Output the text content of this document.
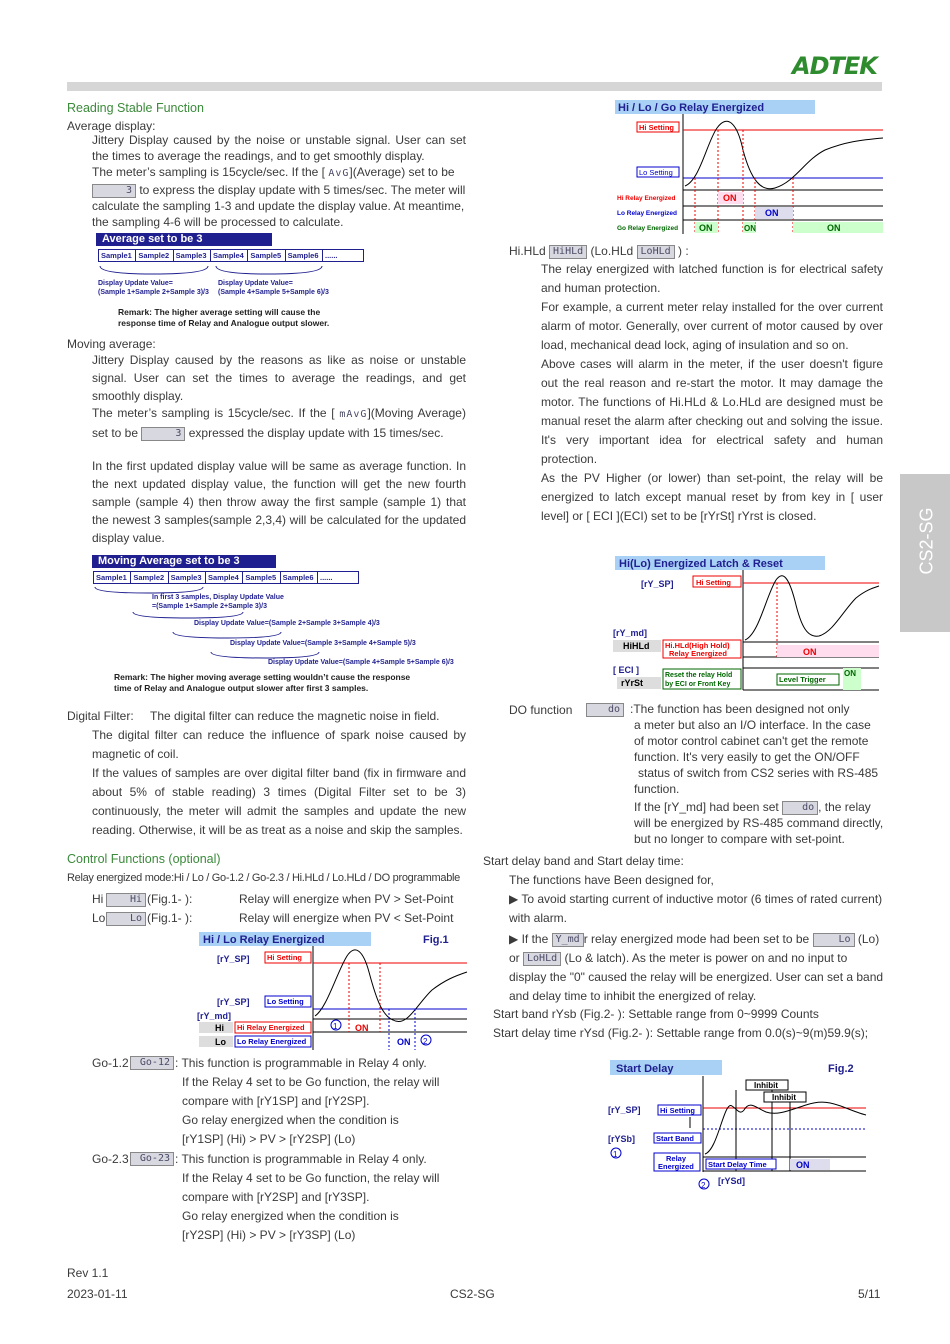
ADTEK
CS2-SG
Reading Stable Function
Average display:
Jittery Display caused by the noise or unstable signal. User can set the times to average the readings, and to get smoothly display.
The meter’s sampling is 15cycle/sec. If the [ AvG](Average) set to be
3 to express the display update with 5 times/sec. The meter will calculate the sampling 1-3 and update the display value. At meantime, the sampling 4-6 will be processed to calculate.
Average set to be 3
Sample1	Sample2	Sample3	Sample4	Sample5	Sample6	......
Display Update Value=
(Sample 1+Sample 2+Sample 3)/3
Display Update Value=
(Sample 4+Sample 5+Sample 6)/3
Remark: The higher average setting will cause the
response time of Relay and Analogue output slower.
Moving average:
Jittery Display caused by the reasons as like as noise or unstable signal. User can set the times to average the readings, and get smoothly display.
The meter’s sampling is 15cycle/sec. If the [ mAvG](Moving Average) set to be	3 expressed the display update with 15 times/sec.
In the first updated display value will be same as average function. In the next updated display value, the function will get the new fourth sample (sample 4) then throw away the first sample (sample 1) that the newest 3 samples(sample 2,3,4) will be calculated for the updated display value.
Moving Average set to be 3
Sample1	Sample2	Sample3	Sample4	Sample5	Sample6	......
In first 3 samples, Display Update Value
=(Sample 1+Sample 2+Sample 3)/3
Display Update Value=(Sample 2+Sample 3+Sample 4)/3
Display Update Value=(Sample 3+Sample 4+Sample 5)/3
Display Update Value=(Sample 4+Sample 5+Sample 6)/3
Remark: The higher moving average setting wouldn’t cause the response
time of Relay and Analogue output slower after first 3 samples.
Digital Filter: The digital filter can reduce the magnetic noise in field.
The digital filter can reduce the influence of spark noise caused by magnetic of coil.
If the values of samples are over digital filter band (fix in firmware and about 5% of stable reading) 3 times (Digital Filter set to be 3) continuously, the meter will admit the samples and update the new reading. Otherwise, it will be as treat as a noise and skip the samples.
Control Functions (optional)
Relay energized mode:Hi / Lo / Go-1.2 / Go-2.3 / Hi.HLd / Lo.HLd / DO programmable
Hi	Hi (Fig.1- ):	Relay will energize when PV > Set-Point
Lo	Lo (Fig.1- ):	Relay will energize when PV < Set-Point
Hi / Lo Relay Energized	Fig.1
[rY_SP] Hi Setting
[rY_SP] Lo Setting
[rY_md]
Hi Hi Relay Energized
Lo Lo Relay Energized
1 ON
ON 2
Go-1.2	Go-12 : This function is programmable in Relay 4 only.
If the Relay 4 set to be Go function, the relay will
compare with [rY1SP] and [rY2SP].
Go relay energized when the condition is
[rY1SP] (Hi) > PV > [rY2SP] (Lo)
Go-2.3	Go-23 : This function is programmable in Relay 4 only.
If the Relay 4 set to be Go function, the relay will
compare with [rY2SP] and [rY3SP].
Go relay energized when the condition is
[rY2SP] (Hi) > PV > [rY3SP] (Lo)
Hi / Lo / Go Relay Energized
Hi Setting
Lo Setting
Hi Relay Energized
Lo Relay Energized
Go Relay Energized
ON
ON
ON	ON	ON
Hi.HLd HiHLd (Lo.HLd LoHLd ) :
The relay energized with latched function is for electrical safety and human protection.
For example, a current meter relay installed for the over current alarm of motor. Generally, over current of motor caused by over load, mechanical dead lock, aging of insulation and so on.
Above cases will alarm in the meter, if the user doesn't figure out the real reason and re-start the motor. It may damage the motor. The functions of Hi.HLd & Lo.HLd are designed must be manual reset the alarm after checking out and solving the issue. It's very important idea for electrical safety and human protection.
As the PV Higher (or lower) than set-point, the relay will be energized to latch except manual reset by from key in [ user level] or [ ECI ](ECI) set to be [rYrSt] rYrst is closed.
Hi(Lo) Energized Latch & Reset
[rY_SP]	Hi Setting
[rY_md]
HiHLd Hi.HLd(High Hold)
Relay Energized	ON
[ ECI ]
rYrSt
Reset the relay Hold
by ECI or Front Key
Level Trigger
ON
DO function	do :The function has been designed not only
a meter but also an I/O interface. In the case
of motor control cabinet can't get the remote
function. It's very easily to get the ON/OFF
status of switch from CS2 series with RS-485
function.
If the [rY_md] had been set do , the relay
will be energized by RS-485 command directly,
but no longer to compare with set-point.
Start delay band and Start delay time:
The functions have Been designed for,
▶ To avoid starting current of inductive motor (6 times of rated current) with alarm.
▶ If the Y_md r relay energized mode had been set to be	Lo (Lo) or LoHLd (Lo & latch). As the meter is power on and no input to display the "0" caused the relay will be energized. User can set a band and delay time to inhibit the energized of relay.
Start band rYsb (Fig.2- ): Settable range from 0~9999 Counts
Start delay time rYsd (Fig.2- ): Settable range from 0.0(s)~9(m)59.9(s);
Start Delay	Fig.2
Inhibit
Inhibit
[rY_SP]	Hi Setting
[rYSb]	Start Band
1	Relay
Energized Start Delay Time	ON
2 [rYSd]
Rev 1.1
2023-01-11	CS2-SG	5/11
